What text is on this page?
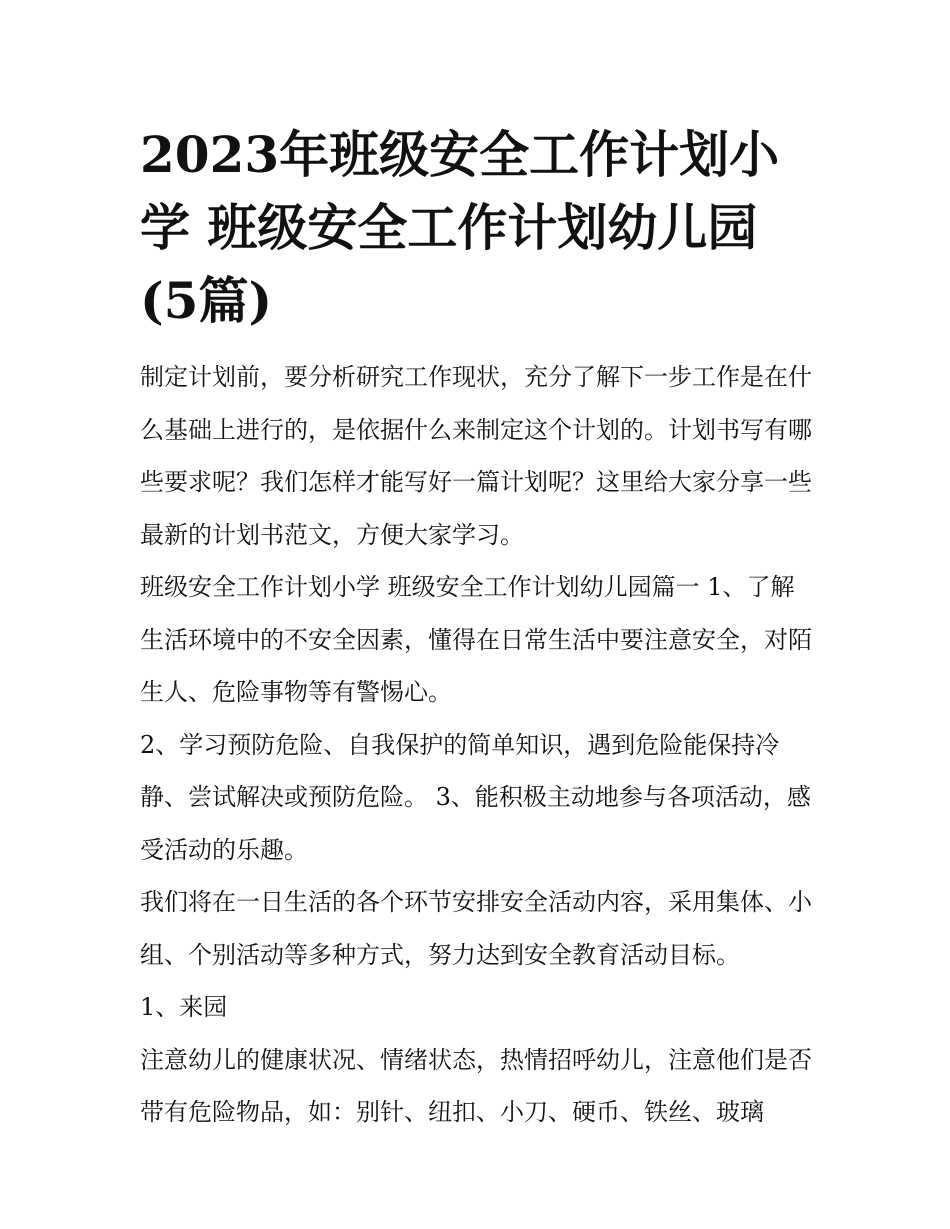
2023年班级安全工作计划小学 班级安全工作计划幼儿园(5篇)

制定计划前，要分析研究工作现状，充分了解下一步工作是在什么基础上进行的，是依据什么来制定这个计划的。计划书写有哪些要求呢？我们怎样才能写好一篇计划呢？这里给大家分享一些最新的计划书范文，方便大家学习。

班级安全工作计划小学 班级安全工作计划幼儿园篇一 1、了解生活环境中的不安全因素，懂得在日常生活中要注意安全，对陌生人、危险事物等有警惕心。

2、学习预防危险、自我保护的简单知识，遇到危险能保持冷静、尝试解决或预防危险。 3、能积极主动地参与各项活动，感受活动的乐趣。

我们将在一日生活的各个环节安排安全活动内容，采用集体、小组、个别活动等多种方式，努力达到安全教育活动目标。

1、来园

注意幼儿的健康状况、情绪状态，热情招呼幼儿，注意他们是否带有危险物品，如：别针、纽扣、小刀、硬币、铁丝、玻璃
